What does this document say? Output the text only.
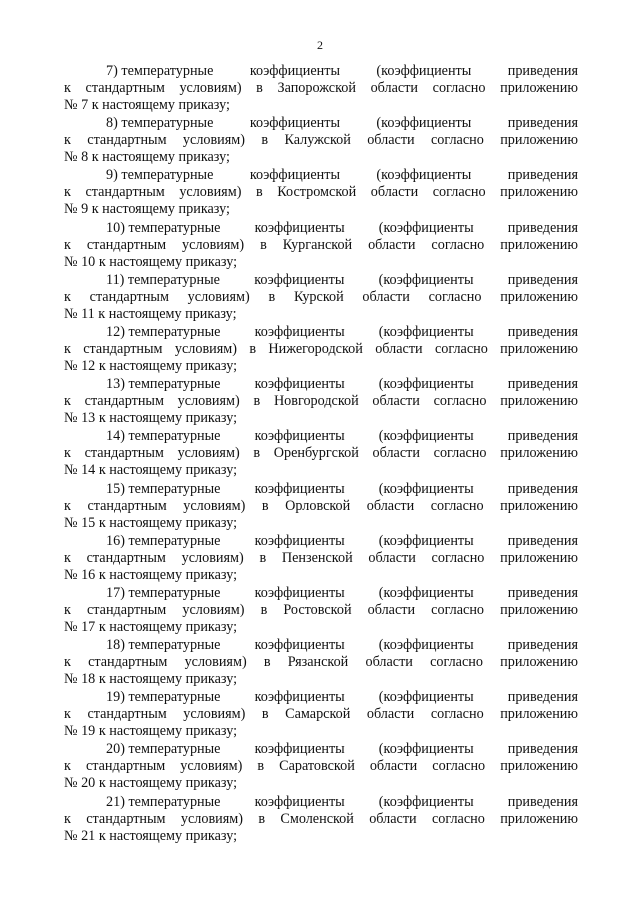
2
7) температурные	коэффициенты	(коэффициенты	приведения
к стандартным условиям) в Запорожской области согласно приложению
№ 7 к настоящему приказу;
8) температурные	коэффициенты	(коэффициенты	приведения
к стандартным условиям) в Калужской области согласно приложению
№ 8 к настоящему приказу;
9) температурные	коэффициенты	(коэффициенты	приведения
к стандартным условиям) в Костромской области согласно приложению
№ 9 к настоящему приказу;
10) температурные коэффициенты (коэффициенты приведения
к стандартным условиям) в Курганской области согласно приложению
№ 10 к настоящему приказу;
11) температурные коэффициенты (коэффициенты приведения
к стандартным условиям) в Курской области согласно приложению
№ 11 к настоящему приказу;
12) температурные коэффициенты (коэффициенты приведения
к стандартным условиям) в Нижегородской области согласно приложению
№ 12 к настоящему приказу;
13) температурные коэффициенты (коэффициенты приведения
к стандартным условиям) в Новгородской области согласно приложению
№ 13 к настоящему приказу;
14) температурные коэффициенты (коэффициенты приведения
к стандартным условиям) в Оренбургской области согласно приложению
№ 14 к настоящему приказу;
15) температурные коэффициенты (коэффициенты приведения
к стандартным условиям) в Орловской области согласно приложению
№ 15 к настоящему приказу;
16) температурные коэффициенты (коэффициенты приведения
к стандартным условиям) в Пензенской области согласно приложению
№ 16 к настоящему приказу;
17) температурные коэффициенты (коэффициенты приведения
к стандартным условиям) в Ростовской области согласно приложению
№ 17 к настоящему приказу;
18) температурные коэффициенты (коэффициенты приведения
к стандартным условиям) в Рязанской области согласно приложению
№ 18 к настоящему приказу;
19) температурные коэффициенты (коэффициенты приведения
к стандартным условиям) в Самарской области согласно приложению
№ 19 к настоящему приказу;
20) температурные коэффициенты (коэффициенты приведения
к стандартным условиям) в Саратовской области согласно приложению
№ 20 к настоящему приказу;
21) температурные коэффициенты (коэффициенты приведения
к стандартным условиям) в Смоленской области согласно приложению
№ 21 к настоящему приказу;
